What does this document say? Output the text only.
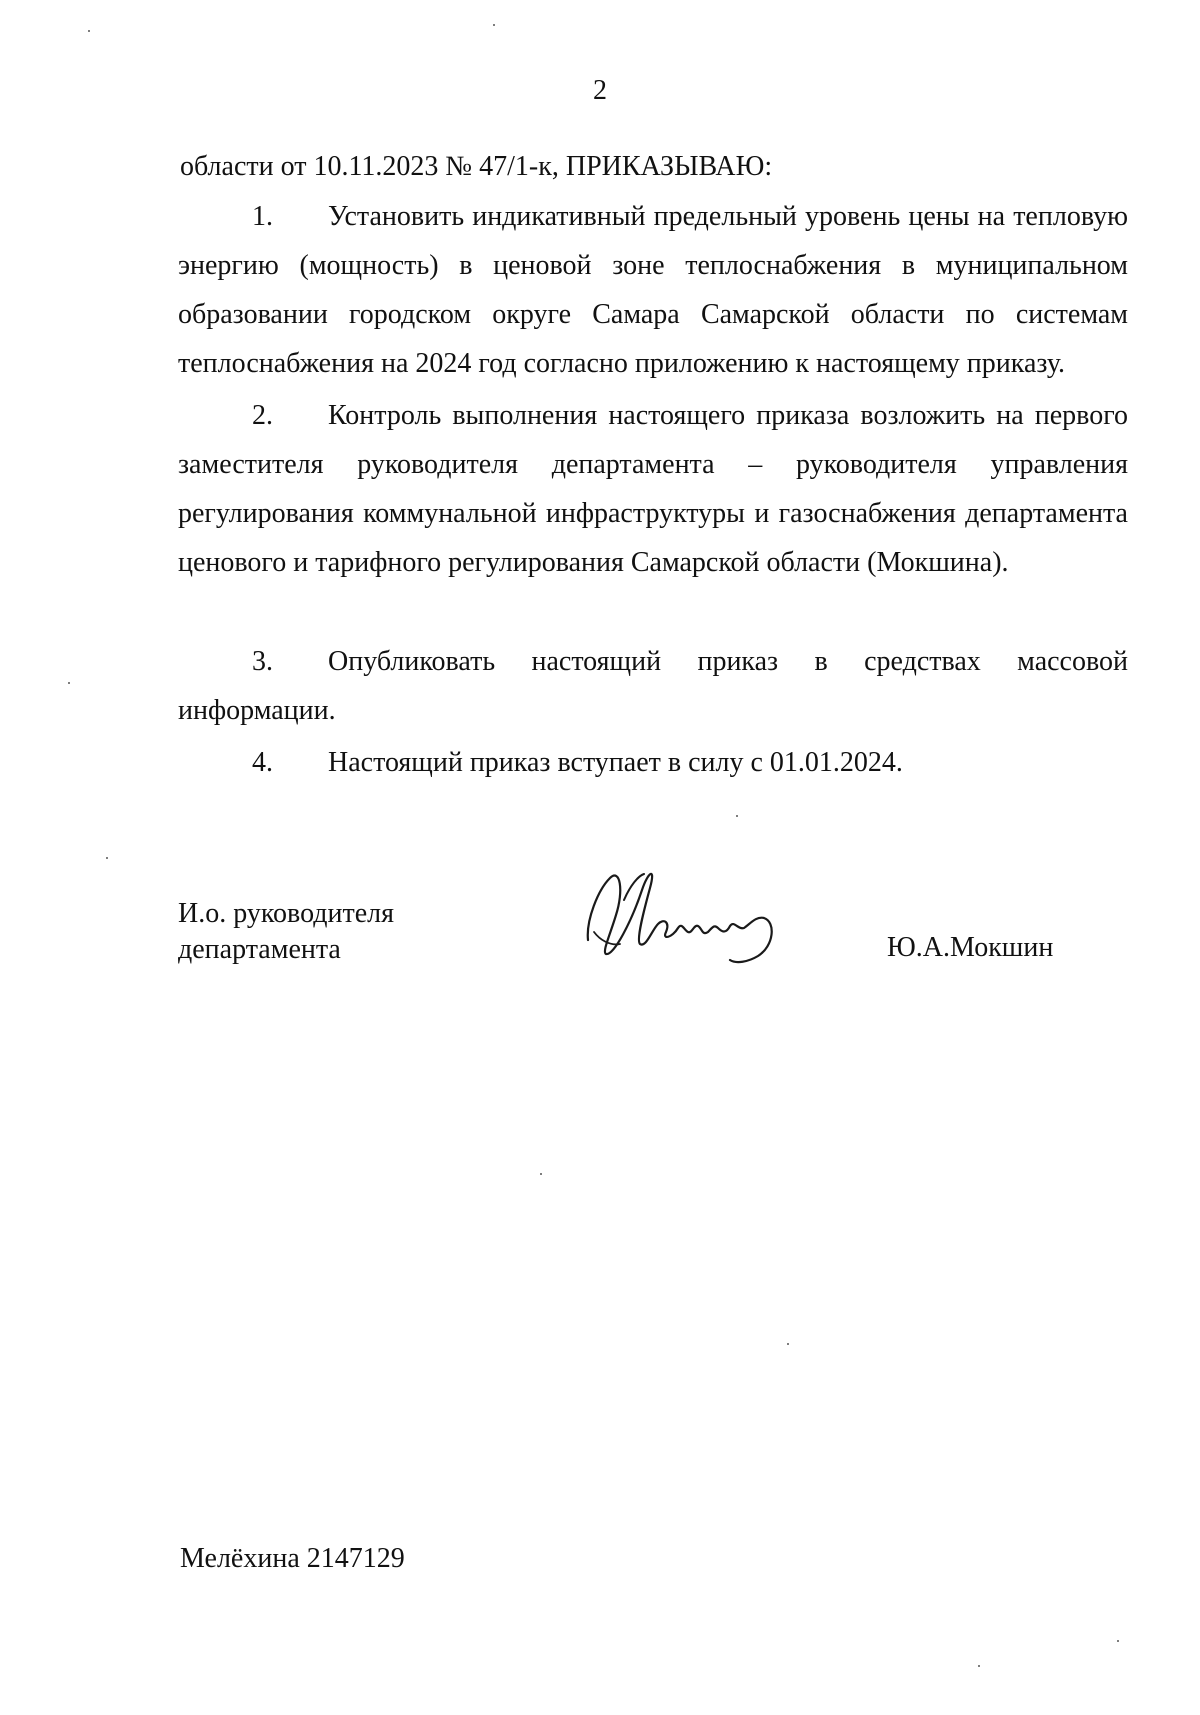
2
области от 10.11.2023 № 47/1-к, ПРИКАЗЫВАЮ:
1. Установить индикативный предельный уровень цены на тепловую энергию (мощность) в ценовой зоне теплоснабжения в муниципальном образовании городском округе Самара Самарской области по системам теплоснабжения на 2024 год согласно приложению к настоящему приказу.
2. Контроль выполнения настоящего приказа возложить на первого заместителя руководителя департамента – руководителя управления регулирования коммунальной инфраструктуры и газоснабжения департамента ценового и тарифного регулирования Самарской области (Мокшина).
3. Опубликовать настоящий приказ в средствах массовой информации.
4. Настоящий приказ вступает в силу с 01.01.2024.
И.о. руководителя
департамента	Ю.А.Мокшин
Мелёхина 2147129
